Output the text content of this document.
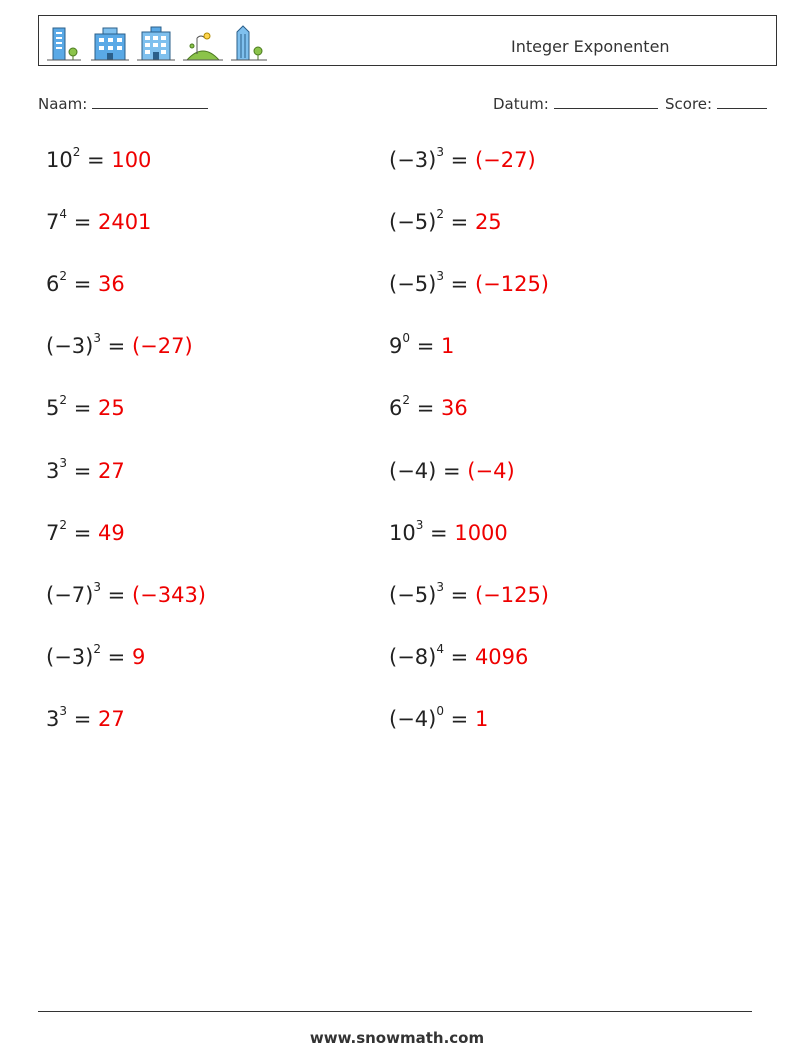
Integer Exponenten
Naam:	Datum:	Score:
$10^2 = 100$	$(-3)^3 = (-27)$
$7^4 = 2401$	$(-5)^2 = 25$
$6^2 = 36$	$(-5)^3 = (-125)$
$(-3)^3 = (-27)$	$9^0 = 1$
$5^2 = 25$	$6^2 = 36$
$3^3 = 27$	(−4) = (−4)
$7^2 = 49$	$10^3 = 1000$
$(-7)^3 = (-343)$	$(-5)^3 = (-125)$
$(-3)^2 = 9$	$(-8)^4 = 4096$
$3^3 = 27$	$(-4)^0 = 1$
www.snowmath.com
